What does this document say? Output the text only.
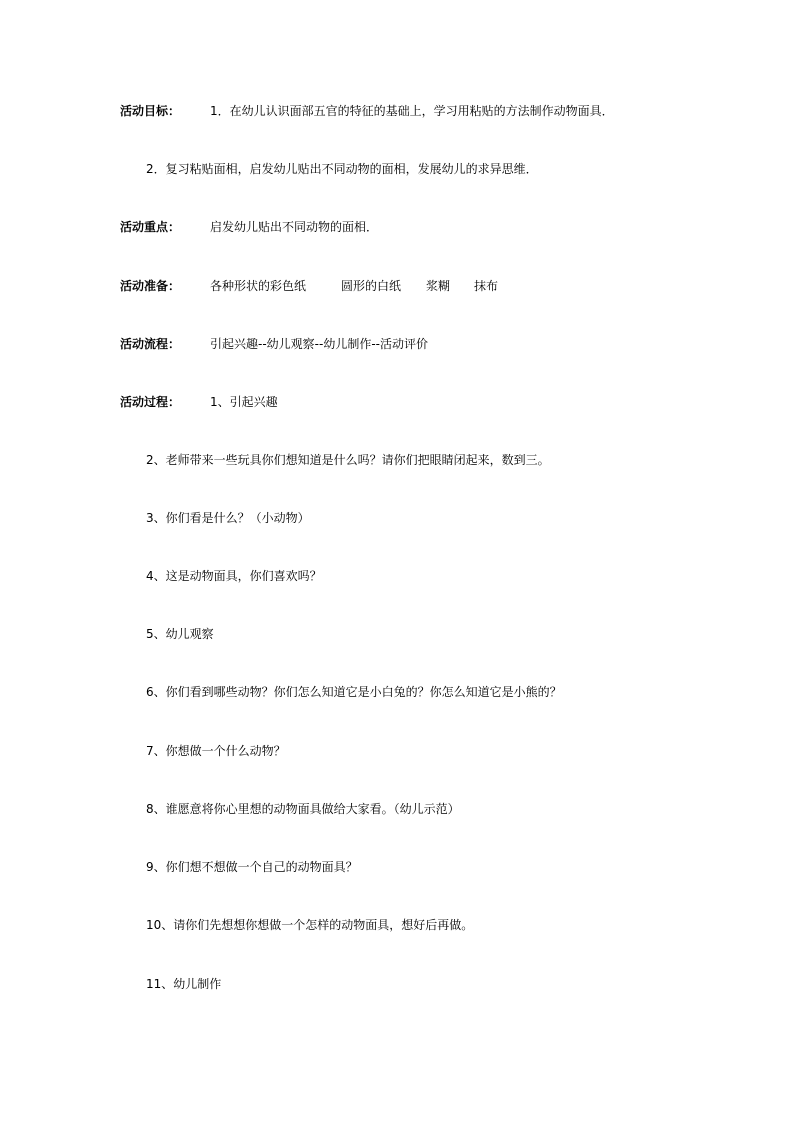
活动目标： 1．在幼儿认识面部五官的特征的基础上，学习用粘贴的方法制作动物面具．
2．复习粘贴面相，启发幼儿贴出不同动物的面相，发展幼儿的求异思维．
活动重点： 启发幼儿贴出不同动物的面相．
活动准备： 各种形状的彩色纸	圆形的白纸 浆糊 抹布
活动流程： 引起兴趣--幼儿观察--幼儿制作--活动评价
活动过程： 1、引起兴趣
2、老师带来一些玩具你们想知道是什么吗？请你们把眼睛闭起来，数到三。
3、你们看是什么？（小动物）
4、这是动物面具，你们喜欢吗？
5、幼儿观察
6、你们看到哪些动物？你们怎么知道它是小白兔的？你怎么知道它是小熊的？
7、你想做一个什么动物？
8、谁愿意将你心里想的动物面具做给大家看。（幼儿示范）
9、你们想不想做一个自己的动物面具？
10、请你们先想想你想做一个怎样的动物面具，想好后再做。
11、幼儿制作
